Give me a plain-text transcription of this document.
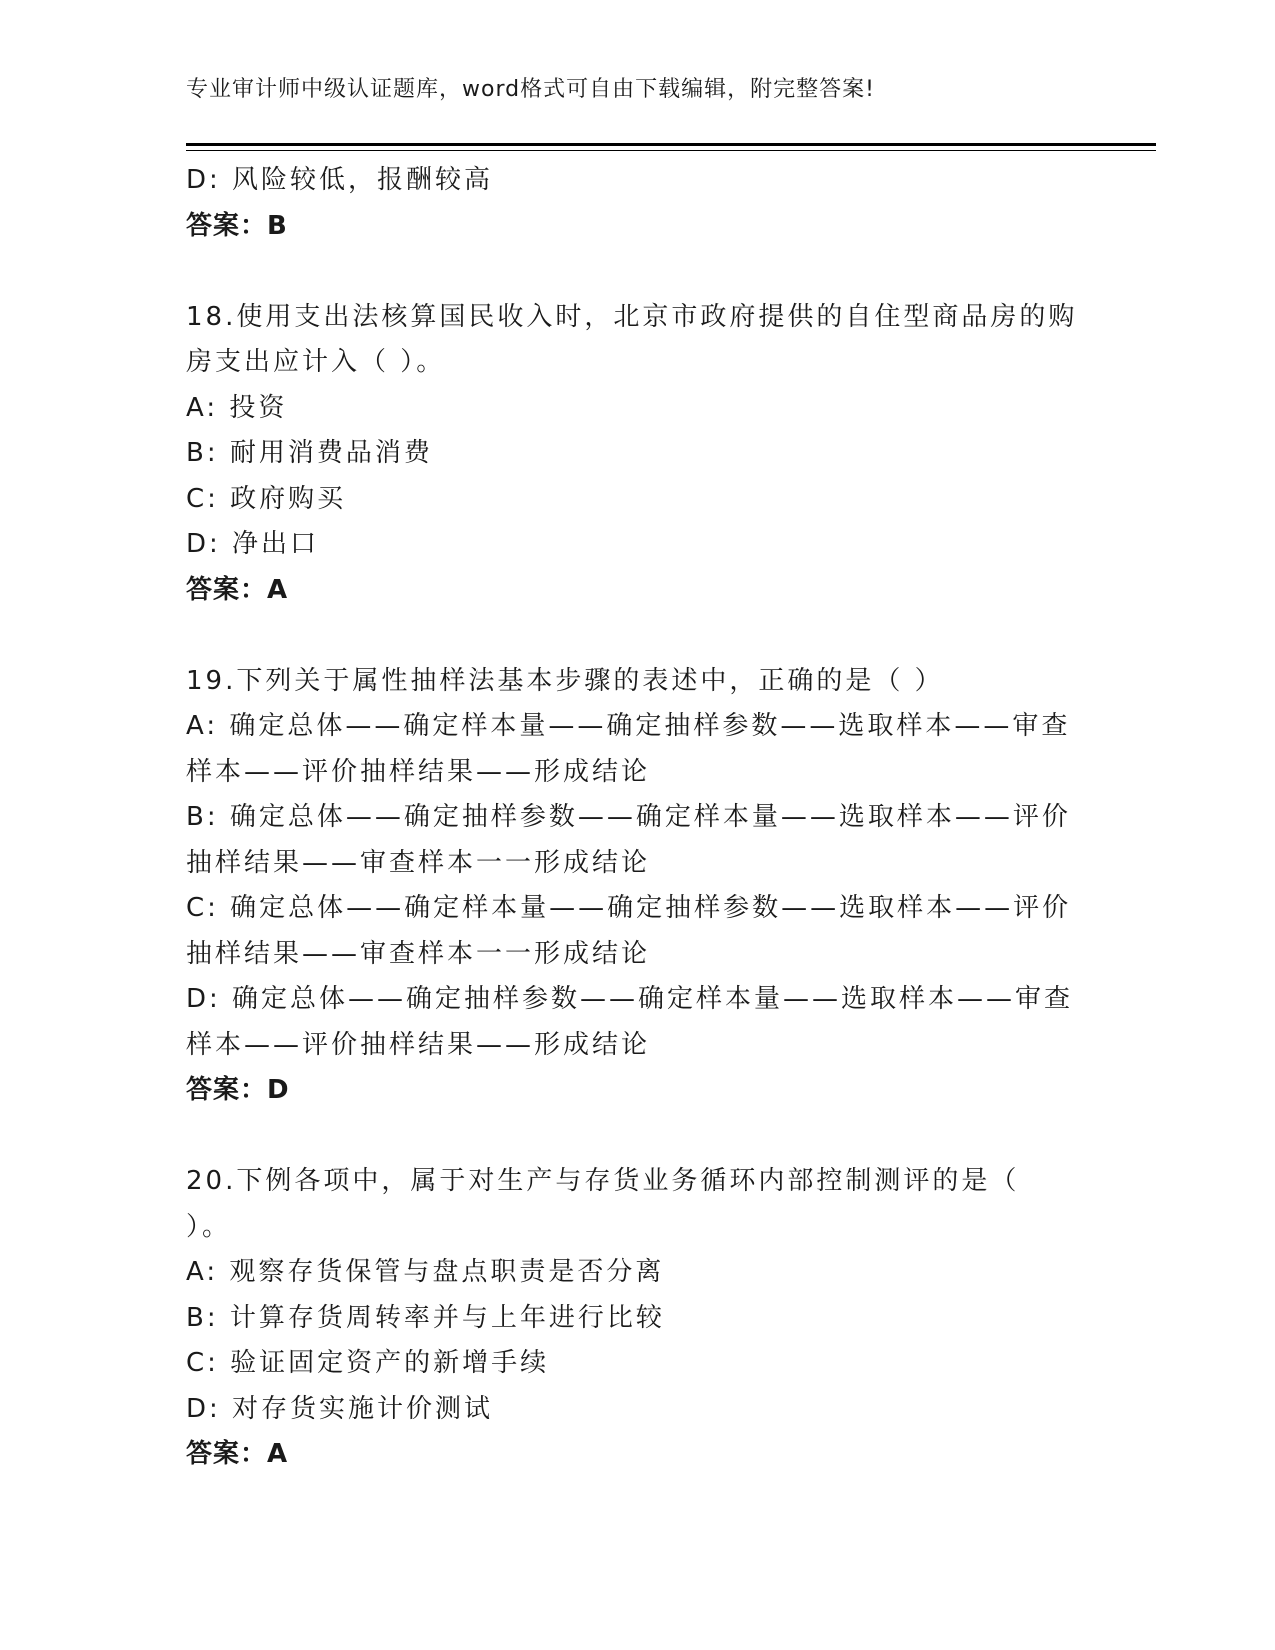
专业审计师中级认证题库，word格式可自由下载编辑，附完整答案!
D: 风险较低，报酬较高
答案：B
18.使用支出法核算国民收入时，北京市政府提供的自住型商品房的购
房支出应计入（ ）。
A: 投资
B: 耐用消费品消费
C: 政府购买
D: 净出口
答案：A
19.下列关于属性抽样法基本步骤的表述中，正确的是（ ）
A: 确定总体——确定样本量——确定抽样参数——选取样本——审查
样本——评价抽样结果——形成结论
B: 确定总体——确定抽样参数——确定样本量——选取样本——评价
抽样结果——审查样本一一形成结论
C: 确定总体——确定样本量——确定抽样参数——选取样本——评价
抽样结果——审查样本一一形成结论
D: 确定总体——确定抽样参数——确定样本量——选取样本——审查
样本——评价抽样结果——形成结论
答案：D
20.下例各项中，属于对生产与存货业务循环内部控制测评的是（
）。
A: 观察存货保管与盘点职责是否分离
B: 计算存货周转率并与上年进行比较
C: 验证固定资产的新增手续
D: 对存货实施计价测试
答案：A
